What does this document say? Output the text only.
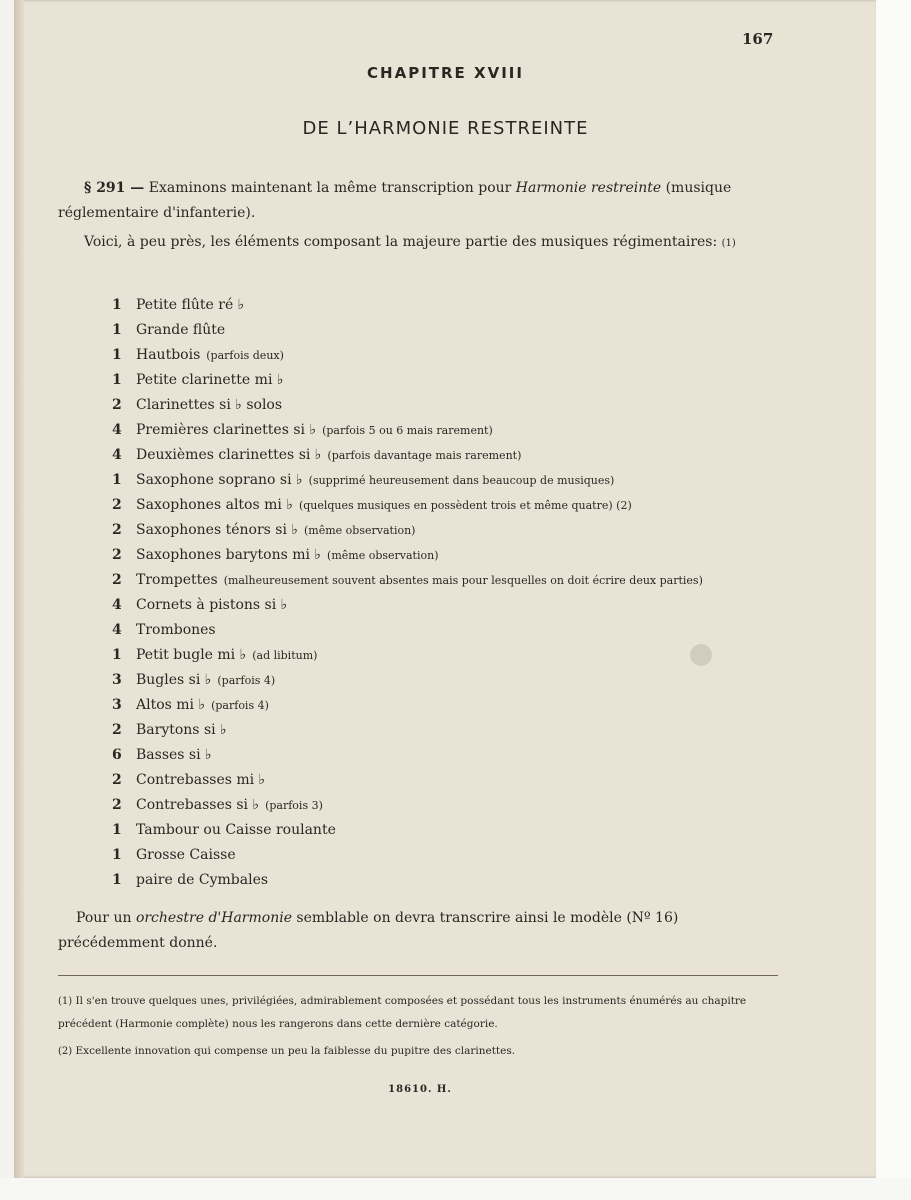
167
CHAPITRE XVIII
DE L’HARMONIE RESTREINTE
§ 291 — Examinons maintenant la même transcription pour Harmonie restreinte (musique réglementaire d'infanterie).
Voici, à peu près, les éléments composant la majeure partie des musiques régimentaires: (1)
1 Petite flûte ré ♭
1 Grande flûte
1 Hautbois (parfois deux)
1 Petite clarinette mi ♭
2 Clarinettes si ♭ solos
4 Premières clarinettes si ♭ (parfois 5 ou 6 mais rarement)
4 Deuxièmes clarinettes si ♭ (parfois davantage mais rarement)
1 Saxophone soprano si ♭ (supprimé heureusement dans beaucoup de musiques)
2 Saxophones altos mi ♭ (quelques musiques en possèdent trois et même quatre) (2)
2 Saxophones ténors si ♭ (même observation)
2 Saxophones barytons mi ♭ (même observation)
2 Trompettes (malheureusement souvent absentes mais pour lesquelles on doit écrire deux parties)
4 Cornets à pistons si ♭
4 Trombones
1 Petit bugle mi ♭ (ad libitum)
3 Bugles si ♭ (parfois 4)
3 Altos mi ♭ (parfois 4)
2 Barytons si ♭
6 Basses si ♭
2 Contrebasses mi ♭
2 Contrebasses si ♭ (parfois 3)
1 Tambour ou Caisse roulante
1 Grosse Caisse
1 paire de Cymbales
Pour un orchestre d'Harmonie semblable on devra transcrire ainsi le modèle (Nº 16) précédemment donné.
(1) Il s'en trouve quelques unes, privilégiées, admirablement composées et possédant tous les instruments énumérés au chapitre précédent (Harmonie complète) nous les rangerons dans cette dernière catégorie.
(2) Excellente innovation qui compense un peu la faiblesse du pupitre des clarinettes.
18610. H.
